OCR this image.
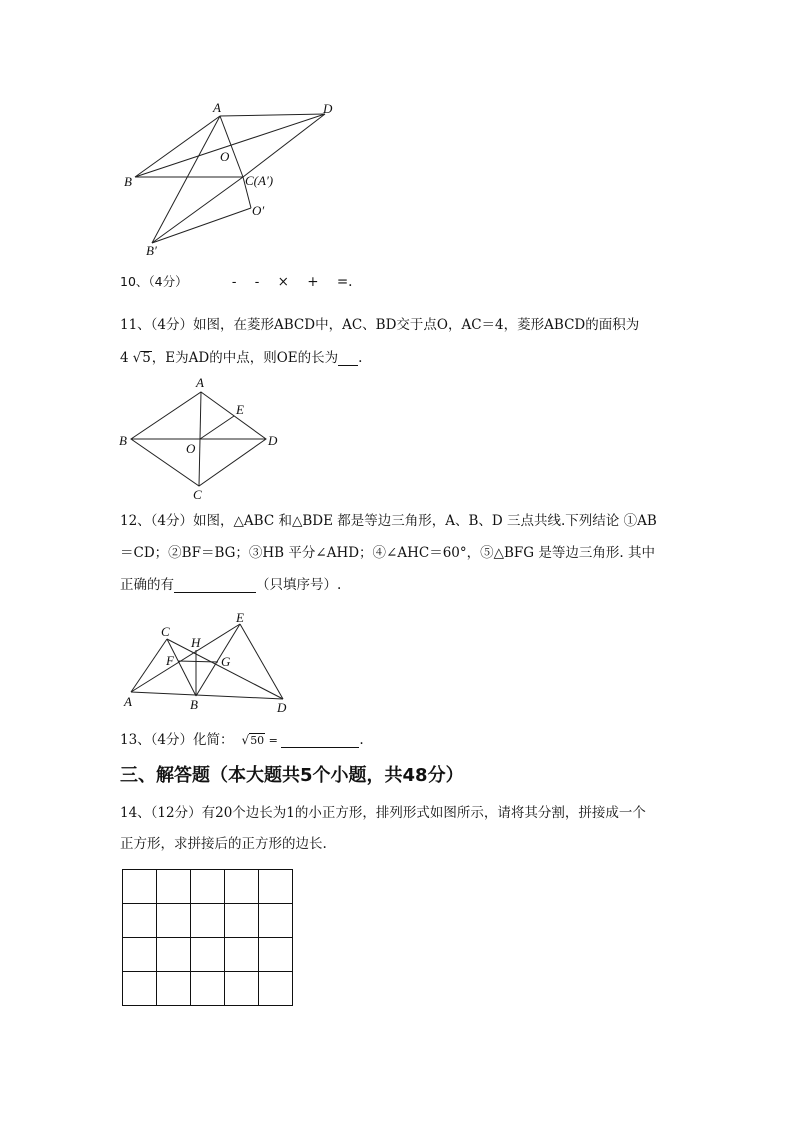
A	D
O
B	C(A′)
O′
B′
10、（4分）	- - × + =.
11、（4分）如图，在菱形ABCD中，AC、BD交于点O，AC＝4，菱形ABCD的面积为
4 √5，E为AD的中点，则OE的长为 .
A
E
B	D
O
C
12、（4分）如图，△ABC 和△BDE 都是等边三角形，A、B、D 三点共线.下列结论 ①AB
＝CD；②BF＝BG；③HB 平分∠AHD；④∠AHC＝60°，⑤△BFG 是等边三角形. 其中
正确的有	（只填序号）.
C
H
E
F	G
A	B	D
13、（4分）化简： √50 =	.
三、解答题（本大题共5个小题，共48分）
14、（12分）有20个边长为1的小正方形，排列形式如图所示，请将其分割，拼接成一个
正方形，求拼接后的正方形的边长.
